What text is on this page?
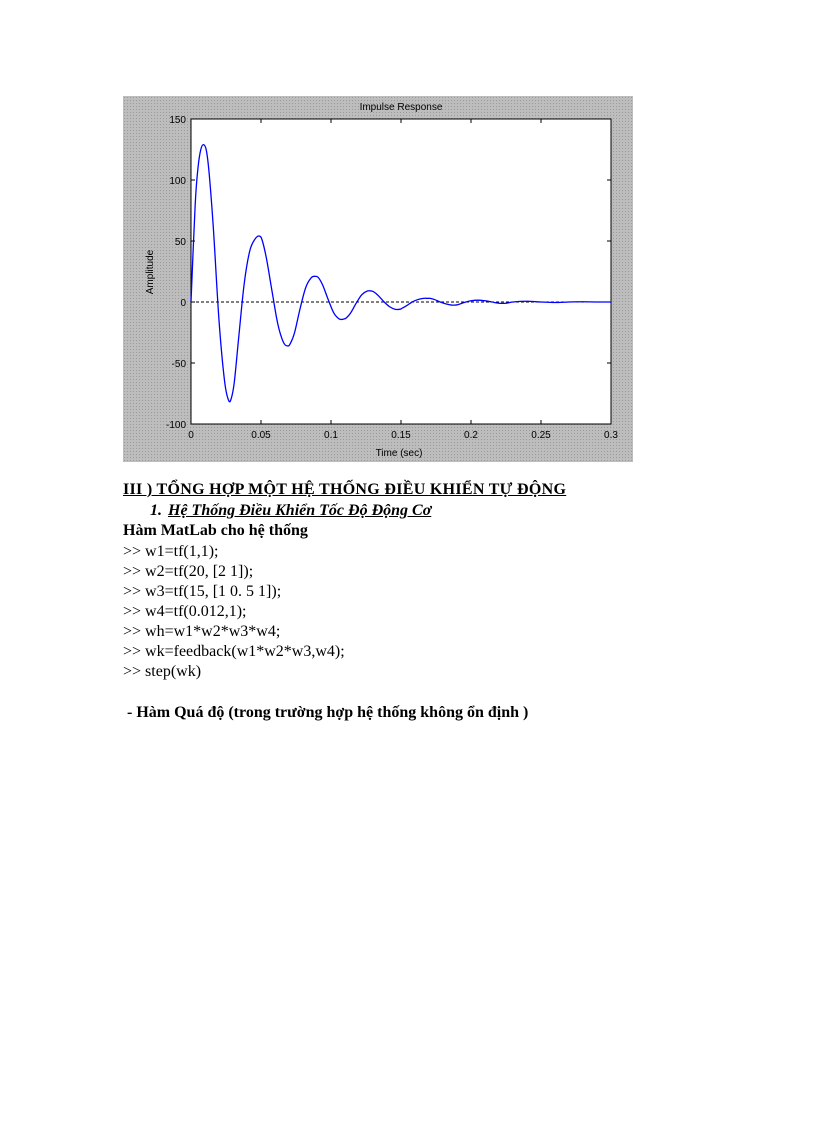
Impulse Response
Time (sec)
Amplitude
0	0.05	0.1	0.15	0.2	0.25	0.3
150
100
50
0
-50
-100
III ) TỔNG HỢP MỘT HỆ THỐNG ĐIỀU KHIỂN TỰ ĐỘNG
1. Hệ Thống Điều Khiển Tốc Độ Động Cơ
Hàm MatLab cho hệ thống
>> w1=tf(1,1);
>> w2=tf(20, [2 1]);
>> w3=tf(15, [1 0. 5 1]);
>> w4=tf(0.012,1);
>> wh=w1*w2*w3*w4;
>> wk=feedback(w1*w2*w3,w4);
>> step(wk)
- Hàm Quá độ (trong trường hợp hệ thống không ổn định )
